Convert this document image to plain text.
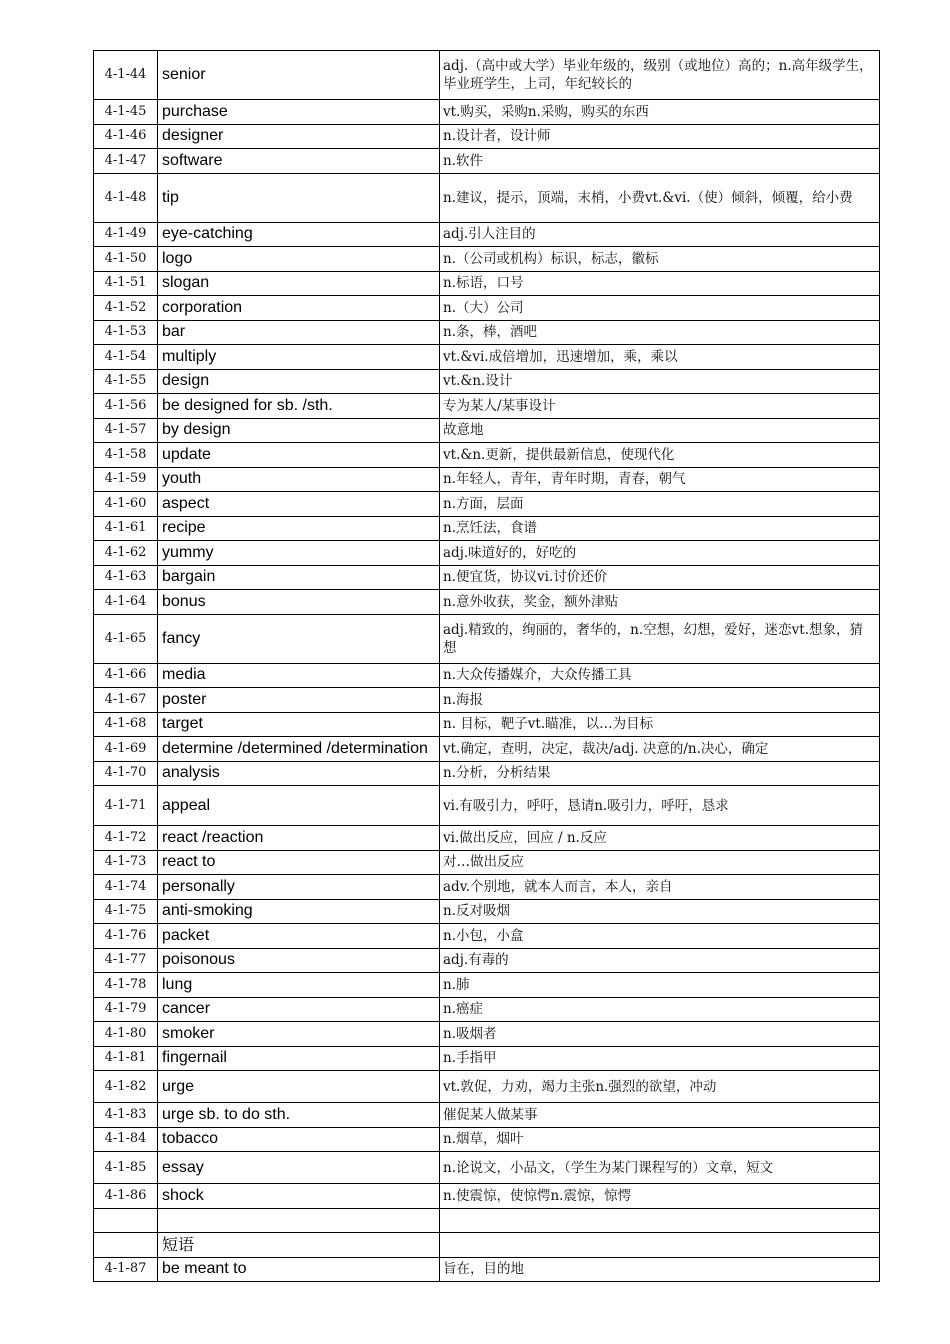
4-1-44	senior	adj.（高中或大学）毕业年级的，级别（或地位）高的；n.高年级学生，毕业班学生，上司，年纪较长的
4-1-45	purchase	vt.购买，采购n.采购，购买的东西
4-1-46	designer	n.设计者，设计师
4-1-47	software	n.软件
4-1-48	tip	n.建议，提示，顶端，末梢，小费vt.&vi.（使）倾斜，倾覆，给小费
4-1-49	eye-catching	adj.引人注目的
4-1-50	logo	n.（公司或机构）标识，标志，徽标
4-1-51	slogan	n.标语，口号
4-1-52	corporation	n.（大）公司
4-1-53	bar	n.条，棒，酒吧
4-1-54	multiply	vt.&vi.成倍增加，迅速增加，乘，乘以
4-1-55	design	vt.&n.设计
4-1-56	be designed for sb. /sth.	专为某人/某事设计
4-1-57	by design	故意地
4-1-58	update	vt.&n.更新，提供最新信息，使现代化
4-1-59	youth	n.年轻人，青年，青年时期，青春，朝气
4-1-60	aspect	n.方面，层面
4-1-61	recipe	n.烹饪法，食谱
4-1-62	yummy	adj.味道好的，好吃的
4-1-63	bargain	n.便宜货，协议vi.讨价还价
4-1-64	bonus	n.意外收获，奖金，额外津贴
4-1-65	fancy	adj.精致的，绚丽的，奢华的，n.空想，幻想，爱好，迷恋vt.想象，猜想
4-1-66	media	n.大众传播媒介，大众传播工具
4-1-67	poster	n.海报
4-1-68	target	n. 目标，靶子vt.瞄准，以…为目标
4-1-69	determine /determined /determination	vt.确定，查明，决定，裁决/adj. 决意的/n.决心，确定
4-1-70	analysis	n.分析，分析结果
4-1-71	appeal	vi.有吸引力，呼吁，恳请n.吸引力，呼吁，恳求
4-1-72	react /reaction	vi.做出反应，回应 / n.反应
4-1-73	react to	对…做出反应
4-1-74	personally	adv.个别地，就本人而言，本人，亲自
4-1-75	anti-smoking	n.反对吸烟
4-1-76	packet	n.小包，小盒
4-1-77	poisonous	adj.有毒的
4-1-78	lung	n.肺
4-1-79	cancer	n.癌症
4-1-80	smoker	n.吸烟者
4-1-81	fingernail	n.手指甲
4-1-82	urge	vt.敦促，力劝，竭力主张n.强烈的欲望，冲动
4-1-83	urge sb. to do sth.	催促某人做某事
4-1-84	tobacco	n.烟草，烟叶
4-1-85	essay	n.论说文，小品文，（学生为某门课程写的）文章，短文
4-1-86	shock	n.使震惊，使惊愕n.震惊，惊愕

	短语	
4-1-87	be meant to	旨在，目的地
